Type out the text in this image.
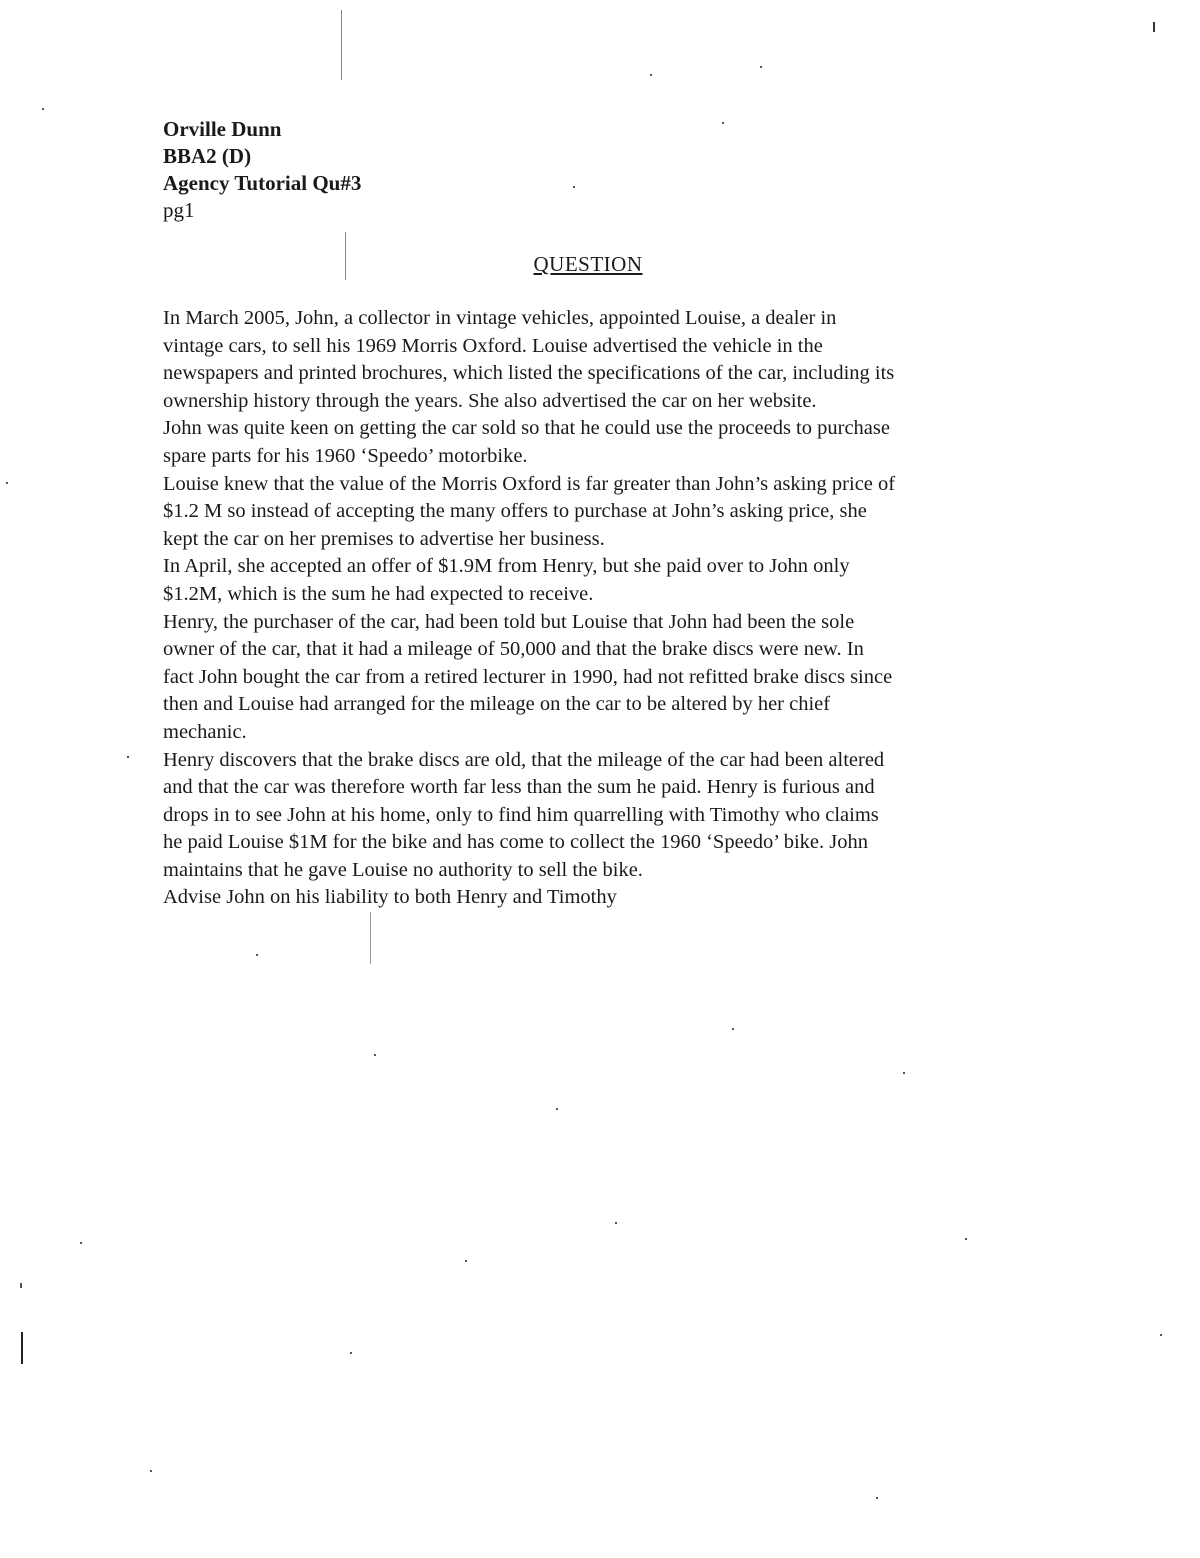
Orville Dunn
BBA2 (D)
Agency Tutorial Qu#3
pg1
QUESTION
In March 2005, John, a collector in vintage vehicles, appointed Louise, a dealer in
vintage cars, to sell his 1969 Morris Oxford. Louise advertised the vehicle in the
newspapers and printed brochures, which listed the specifications of the car, including its
ownership history through the years. She also advertised the car on her website.
John was quite keen on getting the car sold so that he could use the proceeds to purchase
spare parts for his 1960 ‘Speedo’ motorbike.
Louise knew that the value of the Morris Oxford is far greater than John’s asking price of
$1.2 M so instead of accepting the many offers to purchase at John’s asking price, she
kept the car on her premises to advertise her business.
In April, she accepted an offer of $1.9M from Henry, but she paid over to John only
$1.2M, which is the sum he had expected to receive.
Henry, the purchaser of the car, had been told but Louise that John had been the sole
owner of the car, that it had a mileage of 50,000 and that the brake discs were new. In
fact John bought the car from a retired lecturer in 1990, had not refitted brake discs since
then and Louise had arranged for the mileage on the car to be altered by her chief
mechanic.
Henry discovers that the brake discs are old, that the mileage of the car had been altered
and that the car was therefore worth far less than the sum he paid. Henry is furious and
drops in to see John at his home, only to find him quarrelling with Timothy who claims
he paid Louise $1M for the bike and has come to collect the 1960 ‘Speedo’ bike. John
maintains that he gave Louise no authority to sell the bike.
Advise John on his liability to both Henry and Timothy
